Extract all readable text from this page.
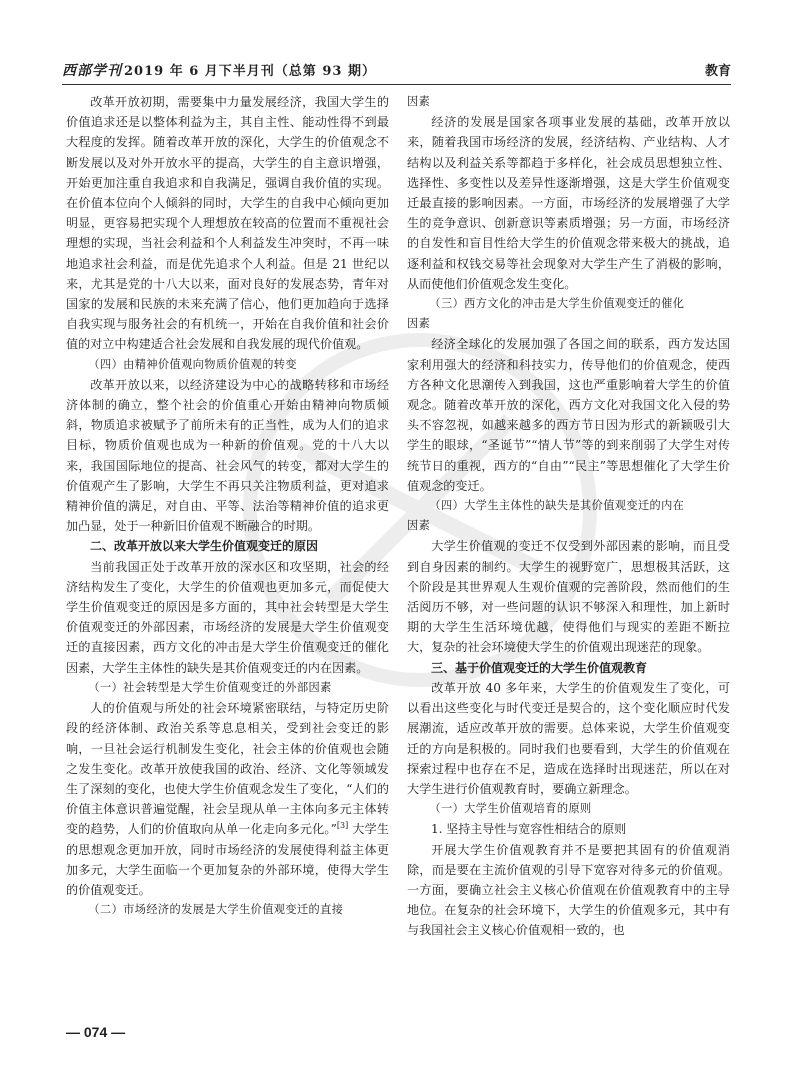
西部学刊 2019 年 6 月下半月刊（总第 93 期）	教育

改革开放初期，需要集中力量发展经济，我国大学生的价值追求还是以整体利益为主，其自主性、能动性得不到最大程度的发挥。随着改革开放的深化，大学生的价值观念不断发展以及对外开放水平的提高，大学生的自主意识增强，开始更加注重自我追求和自我满足，强调自我价值的实现。在价值本位向个人倾斜的同时，大学生的自我中心倾向更加明显，更容易把实现个人理想放在较高的位置而不重视社会理想的实现，当社会利益和个人利益发生冲突时，不再一味地追求社会利益，而是优先追求个人利益。但是 21 世纪以来，尤其是党的十八大以来，面对良好的发展态势，青年对国家的发展和民族的未来充满了信心，他们更加趋向于选择自我实现与服务社会的有机统一，开始在自我价值和社会价值的对立中构建适合社会发展和自我发展的现代价值观。

（四）由精神价值观向物质价值观的转变

改革开放以来，以经济建设为中心的战略转移和市场经济体制的确立，整个社会的价值重心开始由精神向物质倾斜，物质追求被赋予了前所未有的正当性，成为人们的追求目标，物质价值观也成为一种新的价值观。党的十八大以来，我国国际地位的提高、社会风气的转变，都对大学生的价值观产生了影响，大学生不再只关注物质利益，更对追求精神价值的满足，对自由、平等、法治等精神价值的追求更加凸显，处于一种新旧价值观不断融合的时期。

二、改革开放以来大学生价值观变迁的原因

当前我国正处于改革开放的深水区和攻坚期，社会的经济结构发生了变化，大学生的价值观也更加多元，而促使大学生价值观变迁的原因是多方面的，其中社会转型是大学生价值观变迁的外部因素，市场经济的发展是大学生价值观变迁的直接因素，西方文化的冲击是大学生价值观变迁的催化因素，大学生主体性的缺失是其价值观变迁的内在因素。

（一）社会转型是大学生价值观变迁的外部因素

人的价值观与所处的社会环境紧密联结，与特定历史阶段的经济体制、政治关系等息息相关，受到社会变迁的影响，一旦社会运行机制发生变化，社会主体的价值观也会随之发生变化。改革开放使我国的政治、经济、文化等领域发生了深刻的变化，也使大学生价值观念发生了变化，“人们的价值主体意识普遍觉醒，社会呈现从单一主体向多元主体转变的趋势，人们的价值取向从单一化走向多元化。”[3] 大学生的思想观念更加开放，同时市场经济的发展使得利益主体更加多元，大学生面临一个更加复杂的外部环境，使得大学生的价值观变迁。

（二）市场经济的发展是大学生价值观变迁的直接

因素

经济的发展是国家各项事业发展的基础，改革开放以来，随着我国市场经济的发展，经济结构、产业结构、人才结构以及利益关系等都趋于多样化，社会成员思想独立性、选择性、多变性以及差异性逐渐增强，这是大学生价值观变迁最直接的影响因素。一方面，市场经济的发展增强了大学生的竞争意识、创新意识等素质增强；另一方面，市场经济的自发性和盲目性给大学生的价值观念带来极大的挑战，追逐利益和权钱交易等社会现象对大学生产生了消极的影响，从而使他们价值观念发生变化。

（三）西方文化的冲击是大学生价值观变迁的催化

因素

经济全球化的发展加强了各国之间的联系，西方发达国家利用强大的经济和科技实力，传导他们的价值观念，使西方各种文化思潮传入到我国，这也严重影响着大学生的价值观念。随着改革开放的深化，西方文化对我国文化入侵的势头不容忽视，如越来越多的西方节日因为形式的新颖吸引大学生的眼球，“圣诞节”“情人节”等的到来削弱了大学生对传统节日的重视，西方的“自由”“民主”等思想催化了大学生价值观念的变迁。

（四）大学生主体性的缺失是其价值观变迁的内在

因素

大学生价值观的变迁不仅受到外部因素的影响，而且受到自身因素的制约。大学生的视野宽广，思想极其活跃，这个阶段是其世界观人生观价值观的完善阶段，然而他们的生活阅历不够，对一些问题的认识不够深入和理性，加上新时期的大学生生活环境优越，使得他们与现实的差距不断拉大，复杂的社会环境使大学生的价值观出现迷茫的现象。

三、基于价值观变迁的大学生价值观教育

改革开放 40 多年来，大学生的价值观发生了变化，可以看出这些变化与时代变迁是契合的，这个变化顺应时代发展潮流，适应改革开放的需要。总体来说，大学生价值观变迁的方向是积极的。同时我们也要看到，大学生的价值观在探索过程中也存在不足，造成在选择时出现迷茫，所以在对大学生进行价值观教育时，要确立新理念。

（一）大学生价值观培育的原则

1. 坚持主导性与宽容性相结合的原则

开展大学生价值观教育并不是要把其固有的价值观消除，而是要在主流价值观的引导下宽容对待多元的价值观。一方面，要确立社会主义核心价值观在价值观教育中的主导地位。在复杂的社会环境下，大学生的价值观多元，其中有与我国社会主义核心价值观相一致的，也

— 074 —
